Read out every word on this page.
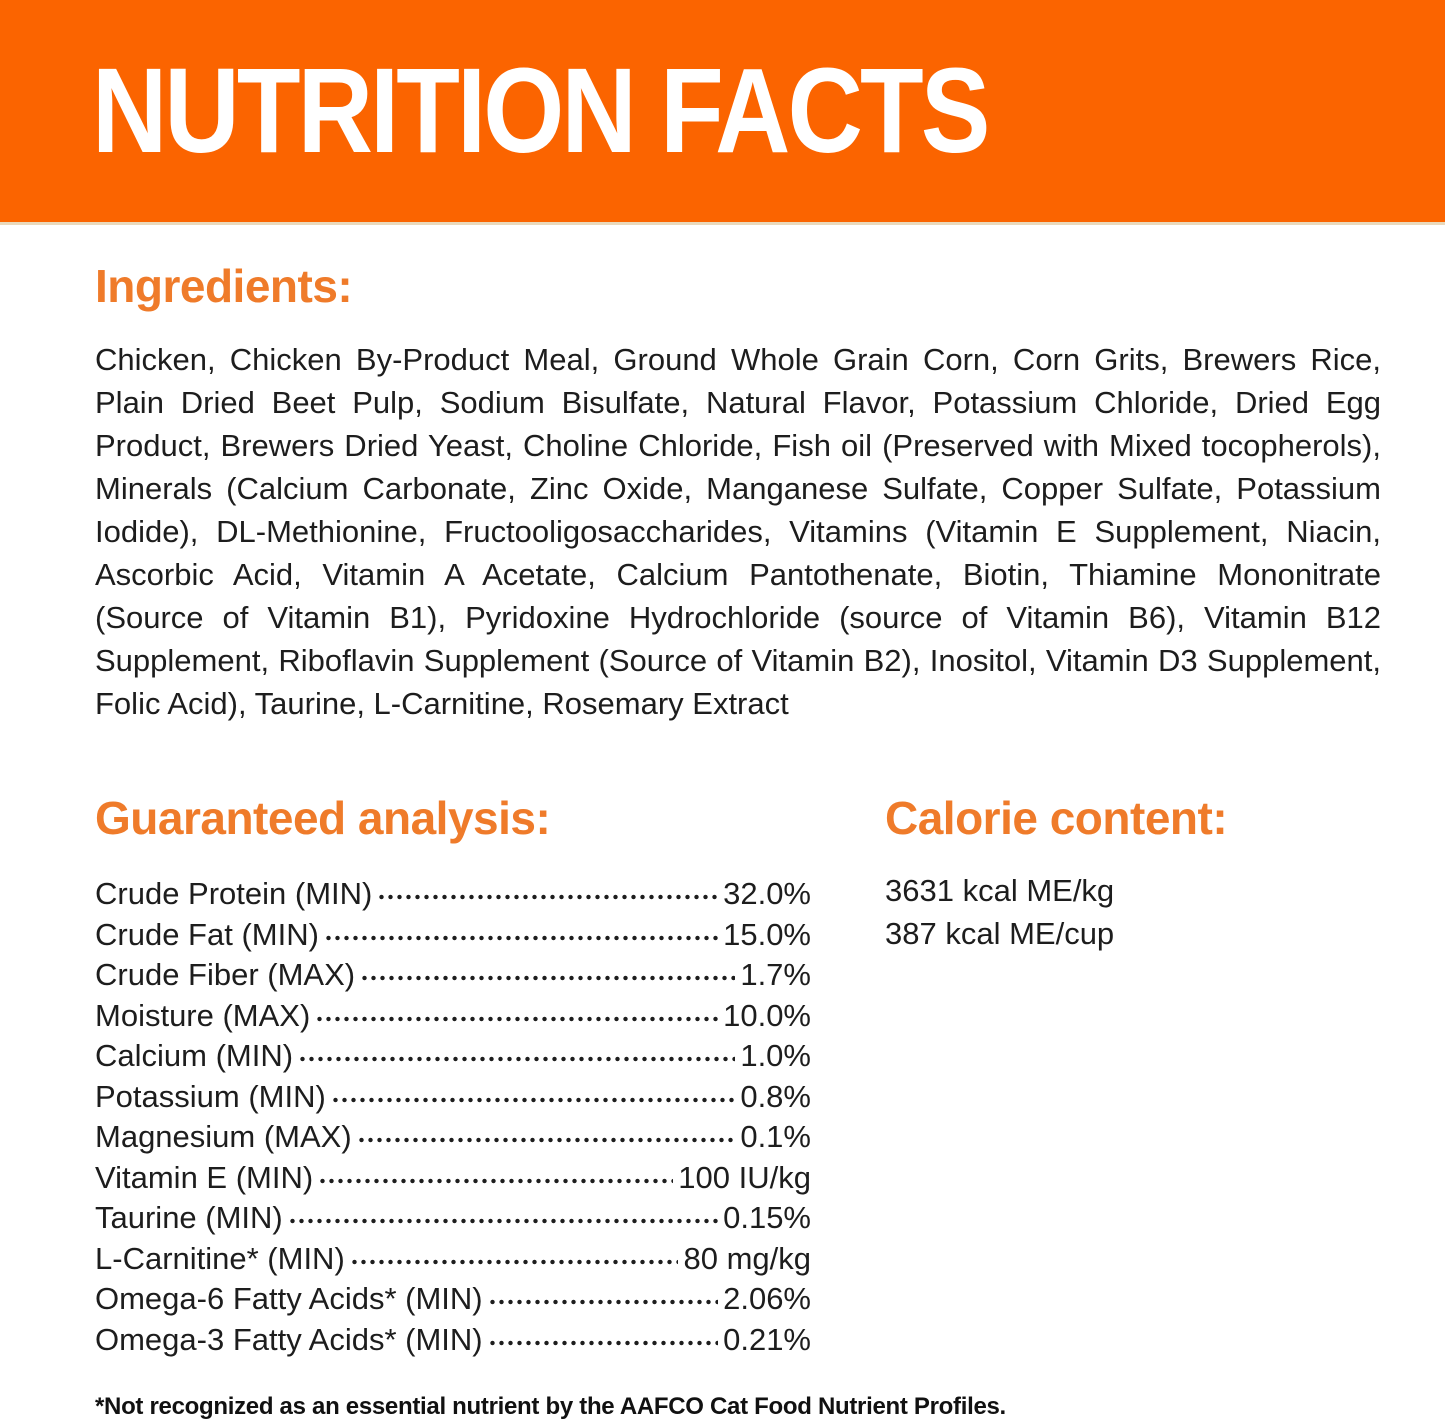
NUTRITION FACTS
Ingredients:

Chicken, Chicken By-Product Meal, Ground Whole Grain Corn, Corn Grits, Brewers Rice, Plain Dried Beet Pulp, Sodium Bisulfate, Natural Flavor, Potassium Chloride, Dried Egg Product, Brewers Dried Yeast, Choline Chloride, Fish oil (Preserved with Mixed tocopherols), Minerals (Calcium Carbonate, Zinc Oxide, Manganese Sulfate, Copper Sulfate, Potassium Iodide), DL-Methionine, Fructooligosaccharides, Vitamins (Vitamin E Supplement, Niacin, Ascorbic Acid, Vitamin A Acetate, Calcium Pantothenate, Biotin, Thiamine Mononitrate (Source of Vitamin B1), Pyridoxine Hydrochloride (source of Vitamin B6), Vitamin B12 Supplement, Riboflavin Supplement (Source of Vitamin B2), Inositol, Vitamin D3 Supplement, Folic Acid), Taurine, L-Carnitine, Rosemary Extract

Guaranteed analysis:
Crude Protein (MIN)	32.0%
Crude Fat (MIN)	15.0%
Crude Fiber (MAX)	1.7%
Moisture (MAX)	10.0%
Calcium (MIN)	1.0%
Potassium (MIN)	0.8%
Magnesium (MAX)	0.1%
Vitamin E (MIN)	100 IU/kg
Taurine (MIN)	0.15%
L-Carnitine* (MIN)	80 mg/kg
Omega-6 Fatty Acids* (MIN)	2.06%
Omega-3 Fatty Acids* (MIN)	0.21%
Calorie content:
3631 kcal ME/kg
387 kcal ME/cup
*Not recognized as an essential nutrient by the AAFCO Cat Food Nutrient Profiles.
